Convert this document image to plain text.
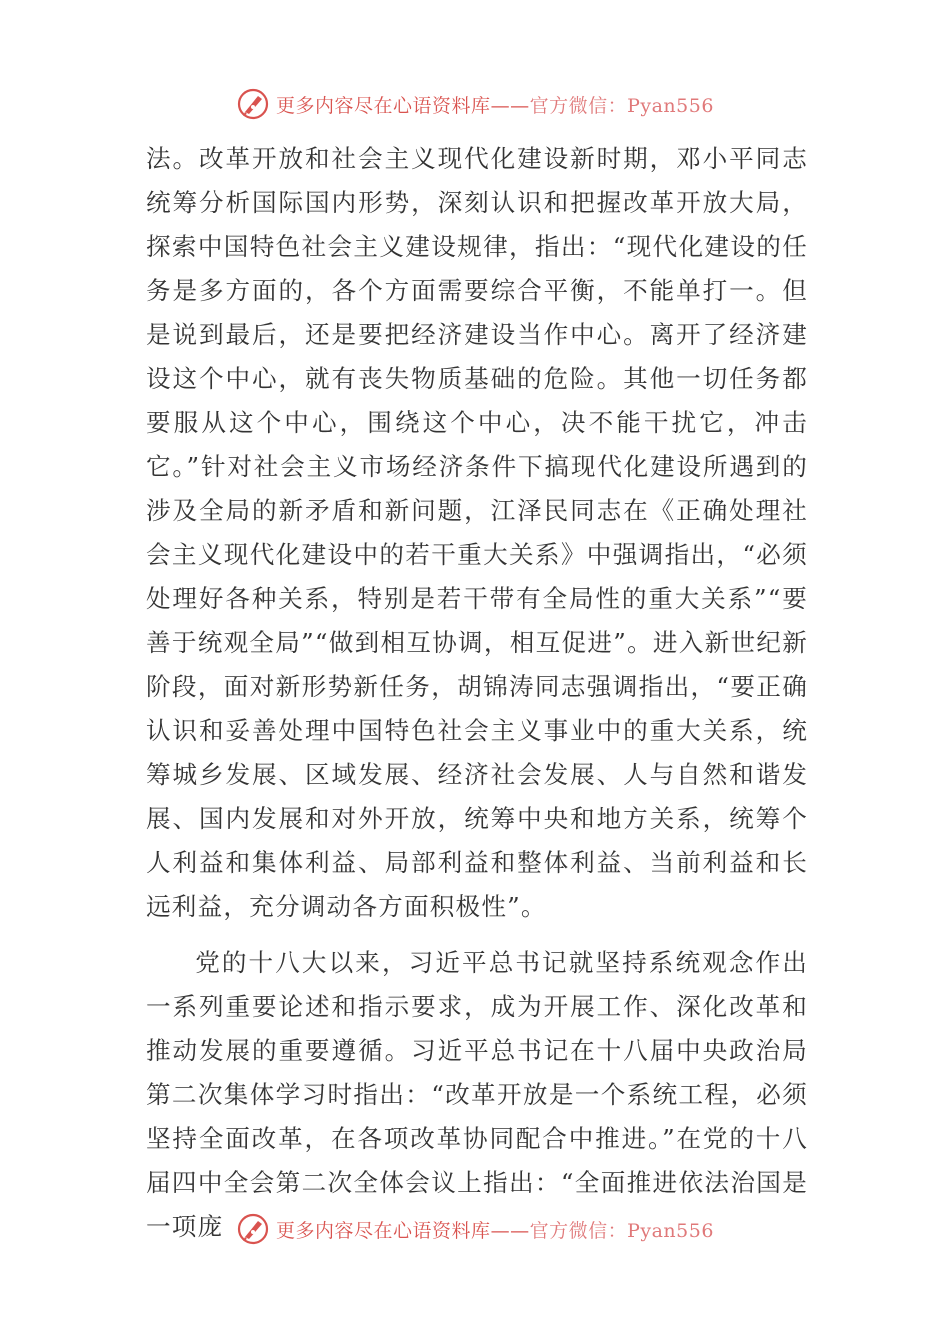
更多内容尽在心语资料库——官方微信：Pyan556

法。改革开放和社会主义现代化建设新时期，邓小平同志统筹分析国际国内形势，深刻认识和把握改革开放大局，探索中国特色社会主义建设规律，指出：“现代化建设的任务是多方面的，各个方面需要综合平衡，不能单打一。但是说到最后，还是要把经济建设当作中心。离开了经济建设这个中心，就有丧失物质基础的危险。其他一切任务都要服从这个中心，围绕这个中心，决不能干扰它，冲击它。”针对社会主义市场经济条件下搞现代化建设所遇到的涉及全局的新矛盾和新问题，江泽民同志在《正确处理社会主义现代化建设中的若干重大关系》中强调指出，“必须处理好各种关系，特别是若干带有全局性的重大关系”“要善于统观全局”“做到相互协调，相互促进”。进入新世纪新阶段，面对新形势新任务，胡锦涛同志强调指出，“要正确认识和妥善处理中国特色社会主义事业中的重大关系，统筹城乡发展、区域发展、经济社会发展、人与自然和谐发展、国内发展和对外开放，统筹中央和地方关系，统筹个人利益和集体利益、局部利益和整体利益、当前利益和长远利益，充分调动各方面积极性”。

党的十八大以来，习近平总书记就坚持系统观念作出一系列重要论述和指示要求，成为开展工作、深化改革和推动发展的重要遵循。习近平总书记在十八届中央政治局第二次集体学习时指出：“改革开放是一个系统工程，必须坚持全面改革，在各项改革协同配合中推进。”在党的十八届四中全会第二次全体会议上指出：“全面推进依法治国是一项庞	更多内容尽在心语资料库——官方微信：Pyan556
